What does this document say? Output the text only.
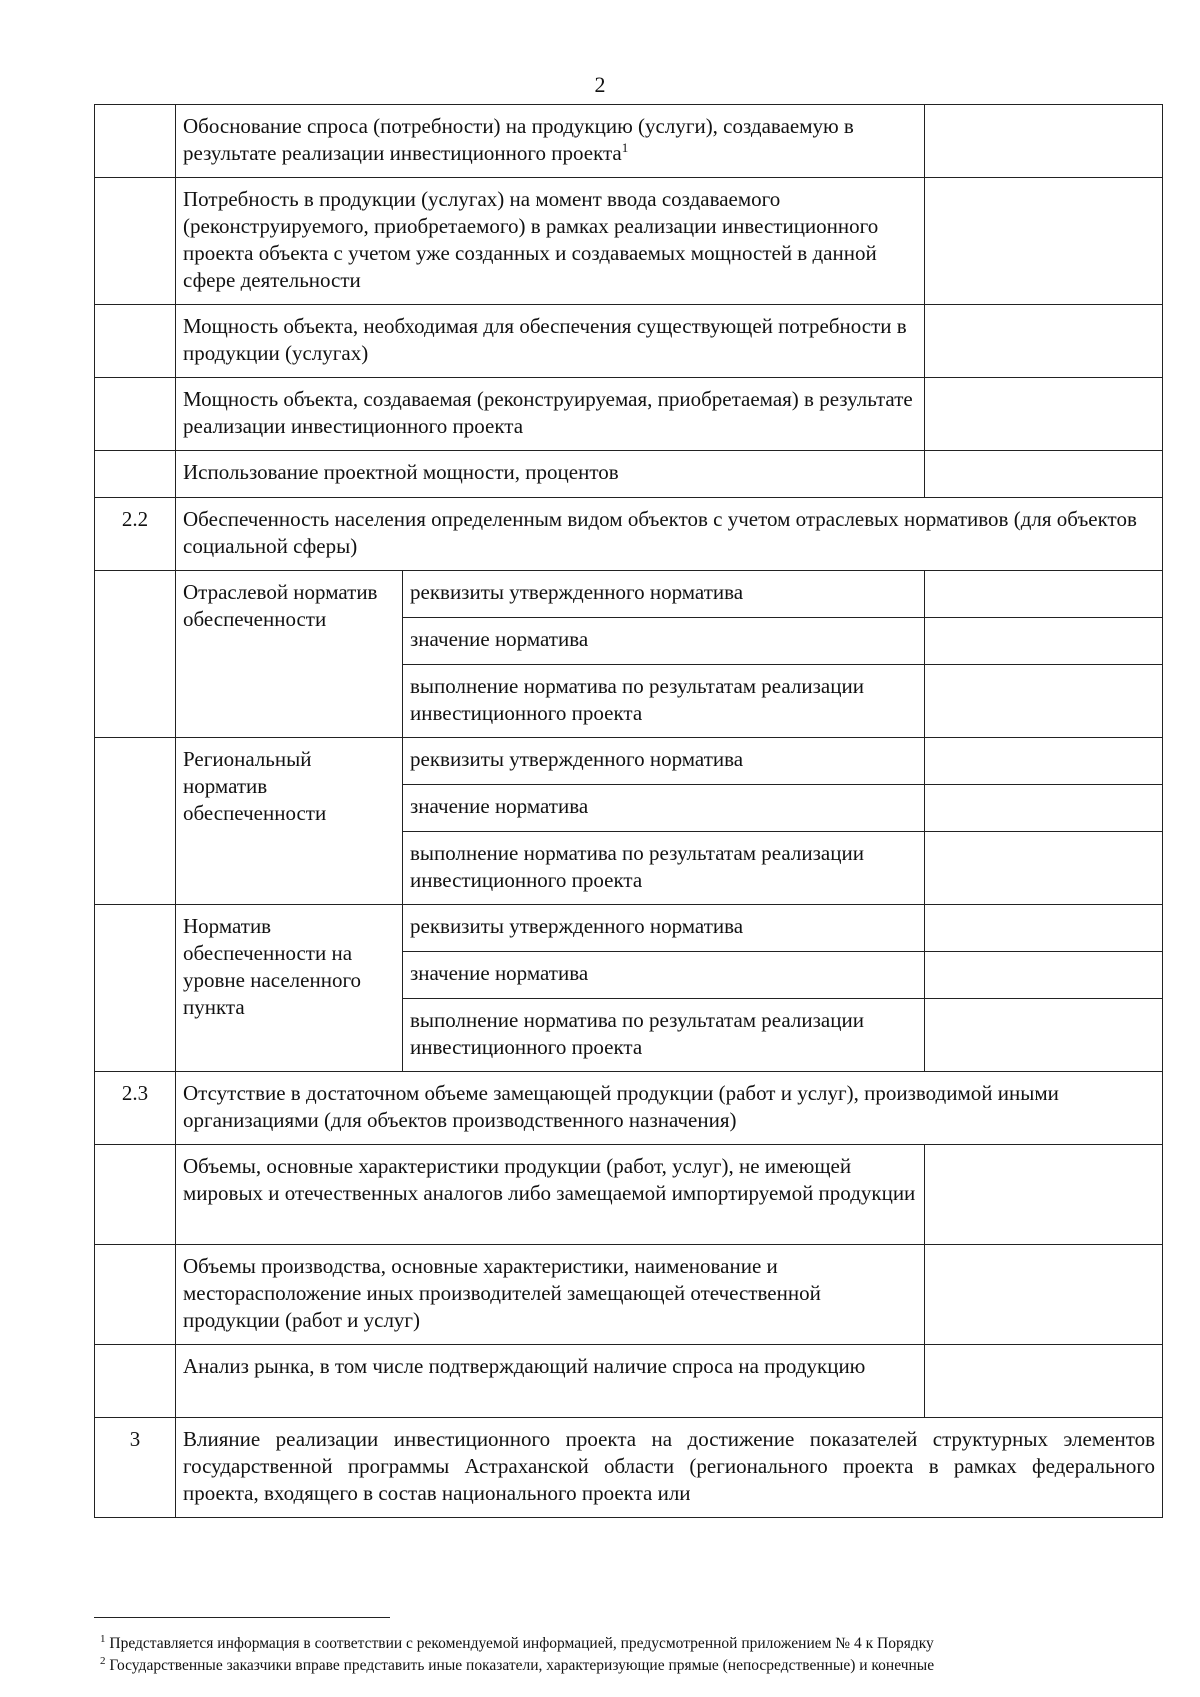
2
	Обоснование спроса (потребности) на продукцию (услуги), создаваемую в результате реализации инвестиционного проекта$^1$	
	Потребность в продукции (услугах) на момент ввода создаваемого (реконструируемого, приобретаемого) в рамках реализации инвестиционного проекта объекта с учетом уже созданных и создаваемых мощностей в данной сфере деятельности		
	Мощность объекта, необходимая для обеспечения существующей потребности в продукции (услугах)		
	Мощность объекта, создаваемая (реконструируемая, приобретаемая) в результате реализации инвестиционного проекта		
	Использование проектной мощности, процентов		
2.2	Обеспеченность населения определенным видом объектов с учетом отраслевых нормативов (для объектов социальной сферы)		
	Отраслевой норматив обеспеченности	реквизиты утвержденного норматива	
		значение норматива	
		выполнение норматива по результатам реализации инвестиционного проекта	
	Региональный норматив обеспеченности	реквизиты утвержденного норматива	
		значение норматива	
		выполнение норматива по результатам реализации инвестиционного проекта	
	Норматив обеспеченности на уровне населенного пункта	реквизиты утвержденного норматива	
		значение норматива	
		выполнение норматива по результатам реализации инвестиционного проекта	
2.3	Отсутствие в достаточном объеме замещающей продукции (работ и услуг), производимой иными организациями (для объектов производственного назначения)		
	Объемы, основные характеристики продукции (работ, услуг), не имеющей мировых и отечественных аналогов либо замещаемой импортируемой продукции		
	Объемы производства, основные характеристики, наименование и месторасположение иных производителей замещающей отечественной продукции (работ и услуг)		
	Анализ рынка, в том числе подтверждающий наличие спроса на продукцию		
3	Влияние реализации инвестиционного проекта на достижение показателей структурных элементов государственной программы Астраханской области (регионального проекта в рамках федерального проекта, входящего в состав национального проекта или		
$^1$ Представляется информация в соответствии с рекомендуемой информацией, предусмотренной приложением № 4 к Порядку
$^2$ Государственные заказчики вправе представить иные показатели, характеризующие прямые (непосредственные) и конечные
